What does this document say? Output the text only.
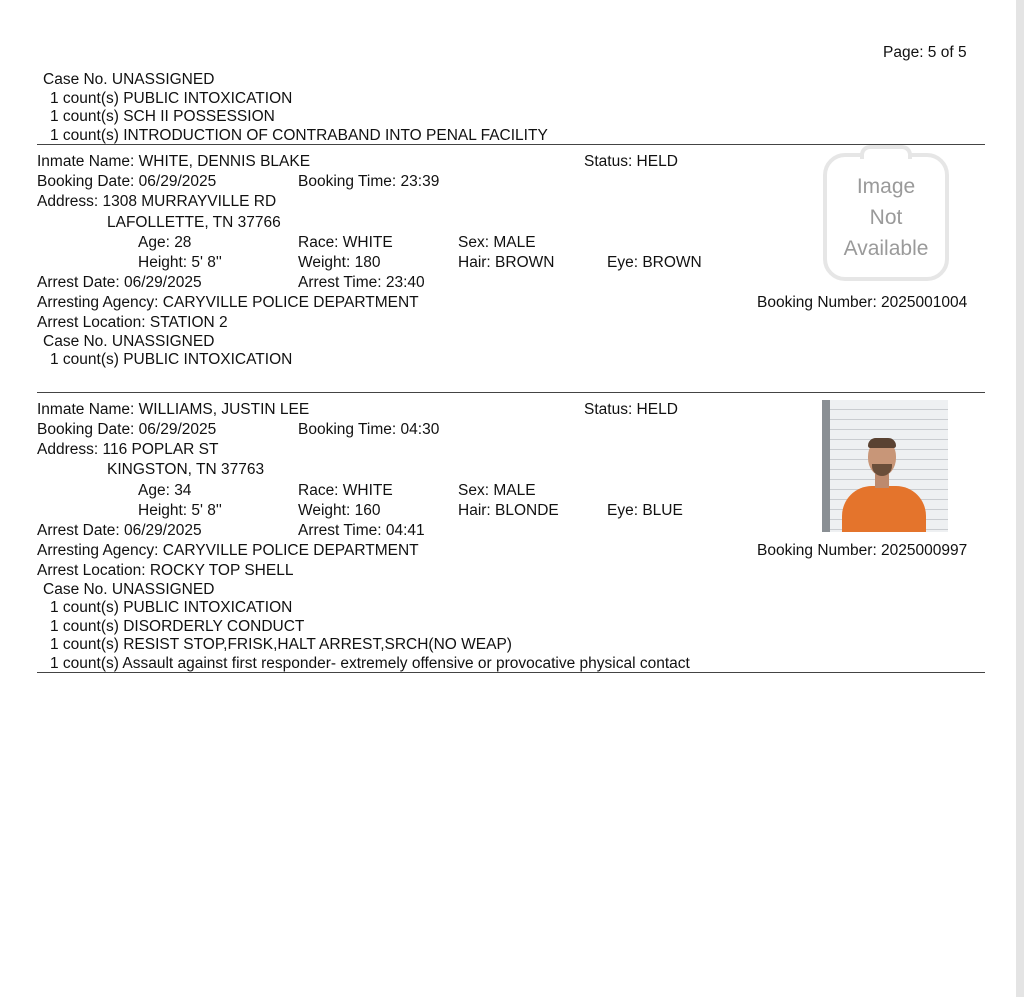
Page: 5 of 5
Case No. UNASSIGNED
1 count(s) PUBLIC INTOXICATION
1 count(s) SCH II POSSESSION
1 count(s) INTRODUCTION OF CONTRABAND INTO PENAL FACILITY
Inmate Name: WHITE, DENNIS BLAKE	Status: HELD
Booking Date: 06/29/2025	Booking Time: 23:39
Address: 1308 MURRAYVILLE RD
LAFOLLETTE, TN 37766
Age: 28	Race: WHITE	Sex: MALE
Height: 5' 8''	Weight: 180	Hair: BROWN	Eye: BROWN
Arrest Date: 06/29/2025	Arrest Time: 23:40
Arresting Agency: CARYVILLE POLICE DEPARTMENT	Booking Number: 2025001004
Arrest Location: STATION 2
Case No. UNASSIGNED
1 count(s) PUBLIC INTOXICATION
Image
Not
Available
Inmate Name: WILLIAMS, JUSTIN LEE	Status: HELD
Booking Date: 06/29/2025	Booking Time: 04:30
Address: 116 POPLAR ST
KINGSTON, TN 37763
Age: 34	Race: WHITE	Sex: MALE
Height: 5' 8''	Weight: 160	Hair: BLONDE	Eye: BLUE
Arrest Date: 06/29/2025	Arrest Time: 04:41
Arresting Agency: CARYVILLE POLICE DEPARTMENT	Booking Number: 2025000997
Arrest Location: ROCKY TOP SHELL
Case No. UNASSIGNED
1 count(s) PUBLIC INTOXICATION
1 count(s) DISORDERLY CONDUCT
1 count(s) RESIST STOP,FRISK,HALT ARREST,SRCH(NO WEAP)
1 count(s) Assault against first responder- extremely offensive or provocative physical contact
